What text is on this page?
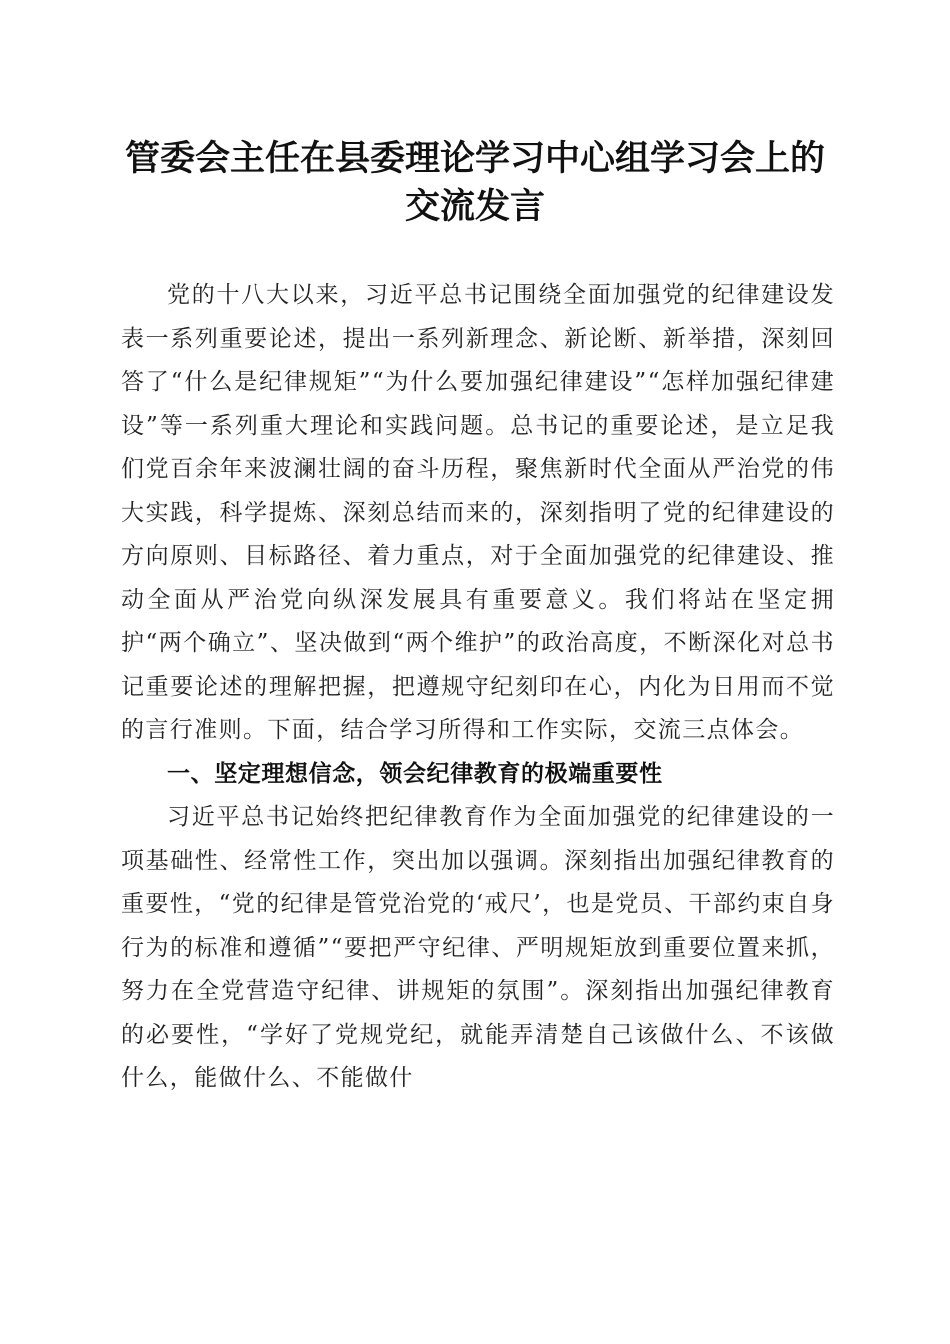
管委会主任在县委理论学习中心组学习会上的
交流发言

党的十八大以来，习近平总书记围绕全面加强党的纪律建设发表一系列重要论述，提出一系列新理念、新论断、新举措，深刻回答了“什么是纪律规矩”“为什么要加强纪律建设”“怎样加强纪律建设”等一系列重大理论和实践问题。总书记的重要论述，是立足我们党百余年来波澜壮阔的奋斗历程，聚焦新时代全面从严治党的伟大实践，科学提炼、深刻总结而来的，深刻指明了党的纪律建设的方向原则、目标路径、着力重点，对于全面加强党的纪律建设、推动全面从严治党向纵深发展具有重要意义。我们将站在坚定拥护“两个确立”、坚决做到“两个维护”的政治高度，不断深化对总书记重要论述的理解把握，把遵规守纪刻印在心，内化为日用而不觉的言行准则。下面，结合学习所得和工作实际，交流三点体会。

一、坚定理想信念，领会纪律教育的极端重要性

习近平总书记始终把纪律教育作为全面加强党的纪律建设的一项基础性、经常性工作，突出加以强调。深刻指出加强纪律教育的重要性，“党的纪律是管党治党的‘戒尺’，也是党员、干部约束自身行为的标准和遵循”“要把严守纪律、严明规矩放到重要位置来抓，努力在全党营造守纪律、讲规矩的氛围”。深刻指出加强纪律教育的必要性，“学好了党规党纪，就能弄清楚自己该做什么、不该做什么，能做什么、不能做什
